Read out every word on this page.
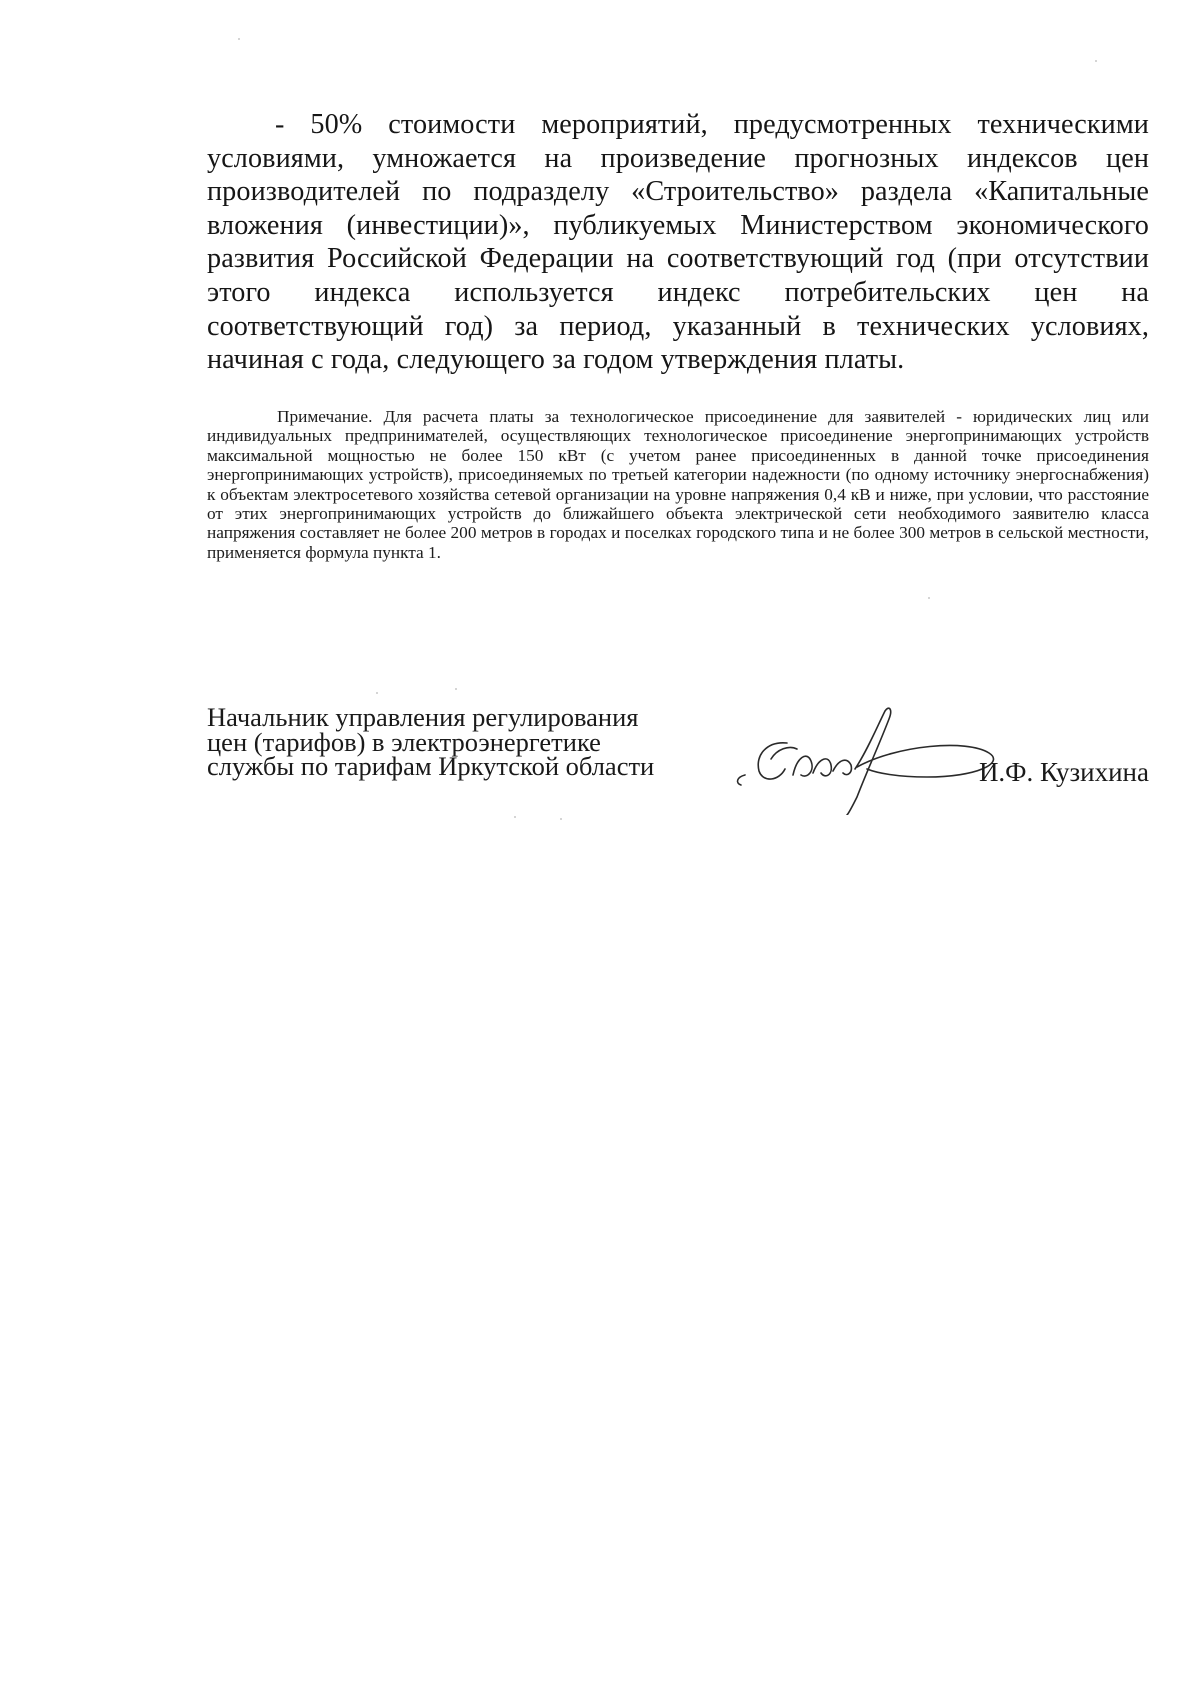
- 50% стоимости мероприятий, предусмотренных техническими условиями, умножается на произведение прогнозных индексов цен производителей по подразделу «Строительство» раздела «Капитальные вложения (инвестиции)», публикуемых Министерством экономического развития Российской Федерации на соответствующий год (при отсутствии этого индекса используется индекс потребительских цен на соответствующий год) за период, указанный в технических условиях, начиная с года, следующего за годом утверждения платы.

Примечание. Для расчета платы за технологическое присоединение для заявителей - юридических лиц или индивидуальных предпринимателей, осуществляющих технологическое присоединение энергопринимающих устройств максимальной мощностью не более 150 кВт (с учетом ранее присоединенных в данной точке присоединения энергопринимающих устройств), присоединяемых по третьей категории надежности (по одному источнику энергоснабжения) к объектам электросетевого хозяйства сетевой организации на уровне напряжения 0,4 кВ и ниже, при условии, что расстояние от этих энергопринимающих устройств до ближайшего объекта электрической сети необходимого заявителю класса напряжения составляет не более 200 метров в городах и поселках городского типа и не более 300 метров в сельской местности, применяется формула пункта 1.

Начальник управления регулирования
цен (тарифов) в электроэнергетике
службы по тарифам Иркутской области	И.Ф. Кузихина
